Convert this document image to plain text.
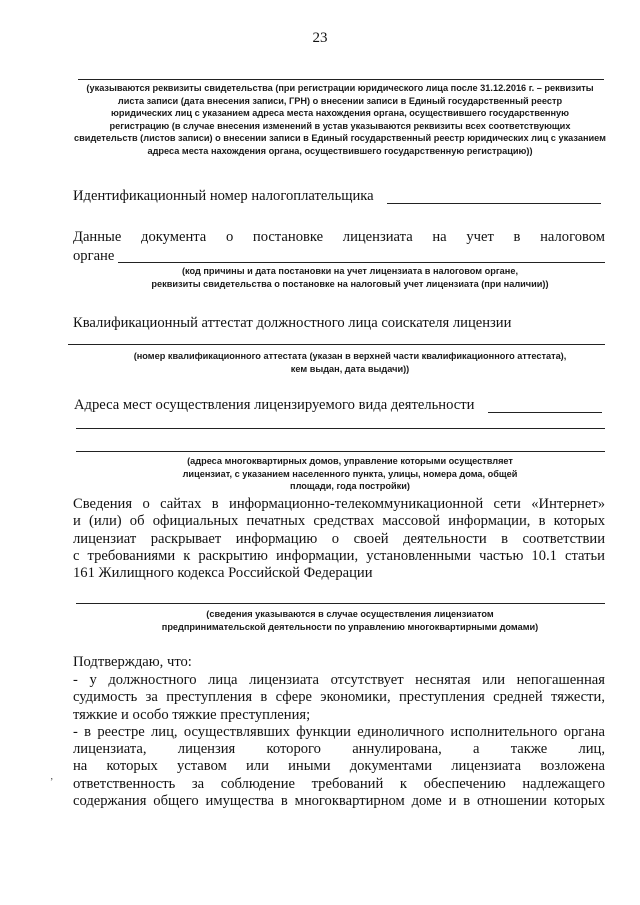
23
(указываются реквизиты свидетельства (при регистрации юридического лица после 31.12.2016 г. – реквизиты
листа записи (дата внесения записи, ГРН) о внесении записи в Единый государственный реестр
юридических лиц с указанием адреса места нахождения органа, осуществившего государственную
регистрацию (в случае внесения изменений в устав указываются реквизиты всех соответствующих
свидетельств (листов записи) о внесении записи в Единый государственный реестр юридических лиц с указанием
адреса места нахождения органа, осуществившего государственную регистрацию))
Идентификационный номер налогоплательщика
Данные документа о постановке лицензиата на учет в налоговом
органе
(код причины и дата постановки на учет лицензиата в налоговом органе,
реквизиты свидетельства о постановке на налоговый учет лицензиата (при наличии))
Квалификационный аттестат должностного лица соискателя лицензии
(номер квалификационного аттестата (указан в верхней части квалификационного аттестата),
кем выдан, дата выдачи))
Адреса мест осуществления лицензируемого вида деятельности
(адреса многоквартирных домов, управление которыми осуществляет
лицензиат, с указанием населенного пункта, улицы, номера дома, общей
площади, года постройки)
Сведения о сайтах в информационно-телекоммуникационной сети «Интернет»
и (или) об официальных печатных средствах массовой информации, в которых
лицензиат раскрывает информацию о своей деятельности в соответствии
с требованиями к раскрытию информации, установленными частью 10.1 статьи
161 Жилищного кодекса Российской Федерации
(сведения указываются в случае осуществления лицензиатом
предпринимательской деятельности по управлению многоквартирными домами)
Подтверждаю, что:
- у должностного лица лицензиата отсутствует неснятая или непогашенная
судимость за преступления в сфере экономики, преступления средней тяжести,
тяжкие и особо тяжкие преступления;
- в реестре лиц, осуществлявших функции единоличного исполнительного органа
лицензиата, лицензия которого аннулирована, а также лиц,
на которых уставом или иными документами лицензиата возложена
ответственность за соблюдение требований к обеспечению надлежащего
содержания общего имущества в многоквартирном доме и в отношении которых
‚
